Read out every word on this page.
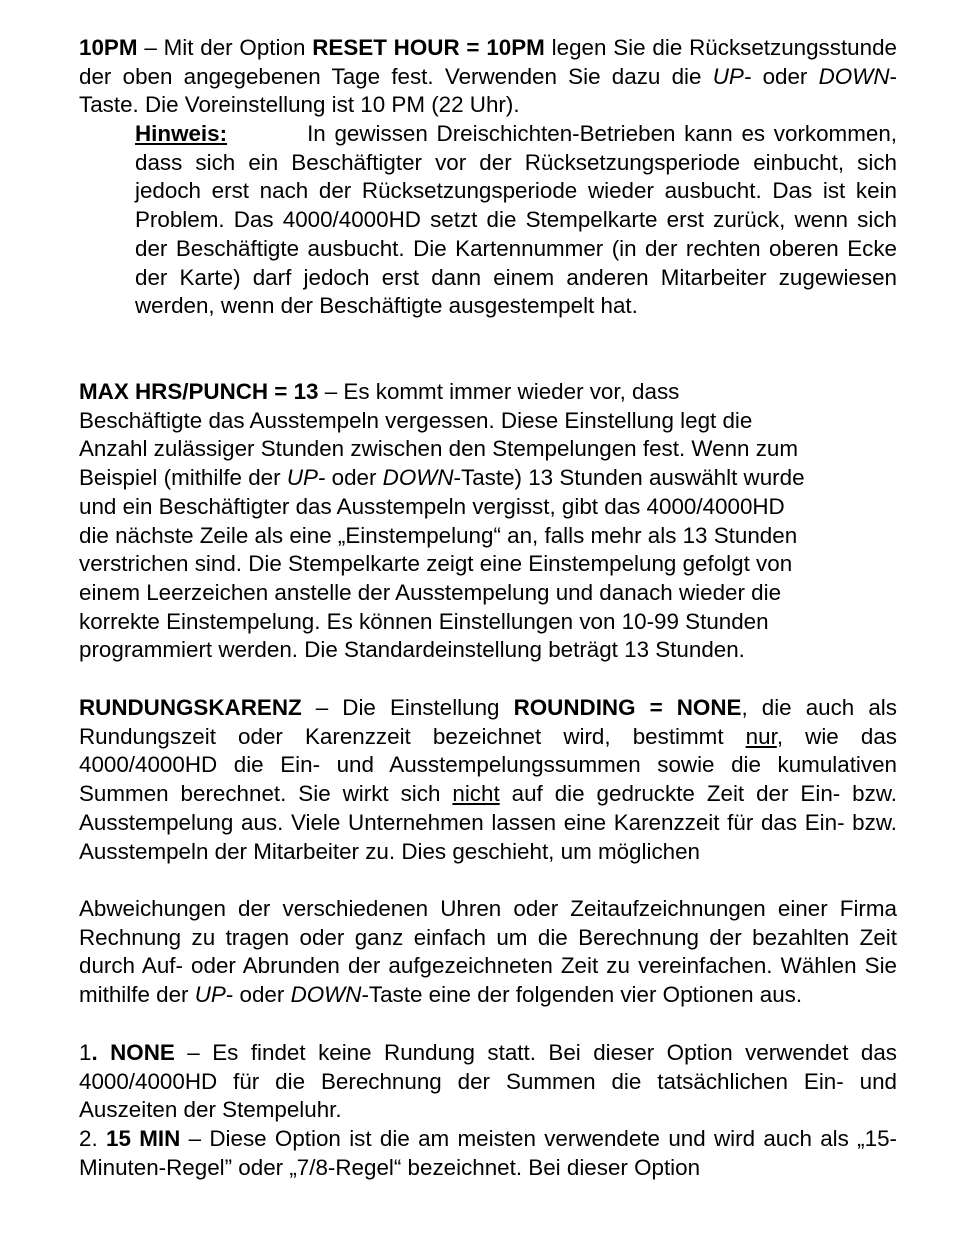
10PM – Mit der Option RESET HOUR = 10PM legen Sie die Rücksetzungsstunde der oben angegebenen Tage fest. Verwenden Sie dazu die UP- oder DOWN-Taste. Die Voreinstellung ist 10 PM (22 Uhr).

Hinweis:	In gewissen Dreischichten-Betrieben kann es vorkommen, dass sich ein Beschäftigter vor der Rücksetzungsperiode einbucht, sich jedoch erst nach der Rücksetzungsperiode wieder ausbucht. Das ist kein Problem. Das 4000/4000HD setzt die Stempelkarte erst zurück, wenn sich der Beschäftigte ausbucht. Die Kartennummer (in der rechten oberen Ecke der Karte) darf jedoch erst dann einem anderen Mitarbeiter zugewiesen werden, wenn der Beschäftigte ausgestempelt hat.

MAX HRS/PUNCH = 13 – Es kommt immer wieder vor, dass
Beschäftigte das Ausstempeln vergessen. Diese Einstellung legt die
Anzahl zulässiger Stunden zwischen den Stempelungen fest. Wenn zum
Beispiel (mithilfe der UP- oder DOWN-Taste) 13 Stunden auswählt wurde
und ein Beschäftigter das Ausstempeln vergisst, gibt das 4000/4000HD
die nächste Zeile als eine „Einstempelung“ an, falls mehr als 13 Stunden
verstrichen sind. Die Stempelkarte zeigt eine Einstempelung gefolgt von
einem Leerzeichen anstelle der Ausstempelung und danach wieder die
korrekte Einstempelung. Es können Einstellungen von 10-99 Stunden
programmiert werden. Die Standardeinstellung beträgt 13 Stunden.

RUNDUNGSKARENZ – Die Einstellung ROUNDING = NONE, die auch als Rundungszeit oder Karenzzeit bezeichnet wird, bestimmt nur, wie das 4000/4000HD die Ein- und Ausstempelungssummen sowie die kumulativen Summen berechnet. Sie wirkt sich nicht auf die gedruckte Zeit der Ein- bzw. Ausstempelung aus. Viele Unternehmen lassen eine Karenzzeit für das Ein- bzw. Ausstempeln der Mitarbeiter zu. Dies geschieht, um möglichen

Abweichungen der verschiedenen Uhren oder Zeitaufzeichnungen einer Firma Rechnung zu tragen oder ganz einfach um die Berechnung der bezahlten Zeit durch Auf- oder Abrunden der aufgezeichneten Zeit zu vereinfachen. Wählen Sie mithilfe der UP- oder DOWN-Taste eine der folgenden vier Optionen aus.

1. NONE – Es findet keine Rundung statt. Bei dieser Option verwendet das 4000/4000HD für die Berechnung der Summen die tatsächlichen Ein- und Auszeiten der Stempeluhr.

2. 15 MIN – Diese Option ist die am meisten verwendete und wird auch als „15-Minuten-Regel” oder „7/8-Regel“ bezeichnet. Bei dieser Option
